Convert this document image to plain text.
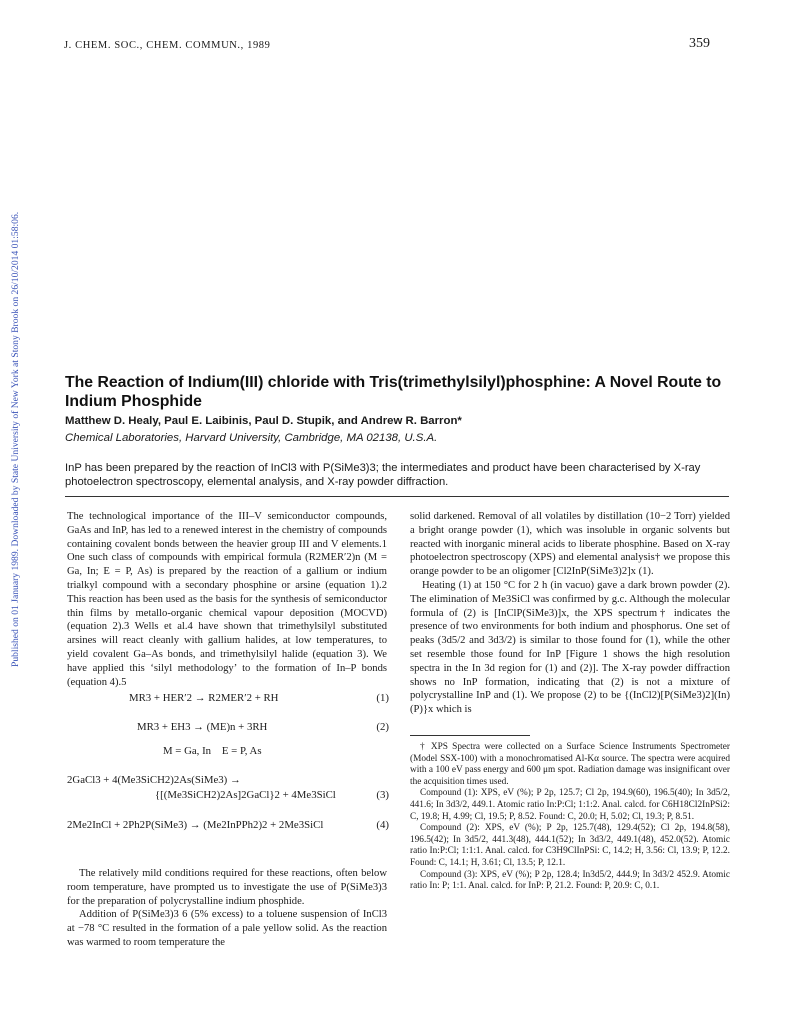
J. CHEM. SOC., CHEM. COMMUN., 1989	359
Published on 01 January 1989. Downloaded by State University of New York at Stony Brook on 26/10/2014 01:58:06.	The Reaction of Indium(III) chloride with Tris(trimethylsilyl)phosphine: A Novel Route to Indium Phosphide
Matthew D. Healy, Paul E. Laibinis, Paul D. Stupik, and Andrew R. Barron*
Chemical Laboratories, Harvard University, Cambridge, MA 02138, U.S.A.
InP has been prepared by the reaction of InCl3 with P(SiMe3)3; the intermediates and product have been characterised by X-ray photoelectron spectroscopy, elemental analysis, and X-ray powder diffraction.

The technological importance of the III–V semiconductor compounds, GaAs and InP, has led to a renewed interest in the chemistry of compounds containing covalent bonds between the heavier group III and V elements.1 One such class of compounds with empirical formula (R2MER′2)n (M = Ga, In; E = P, As) is prepared by the reaction of a gallium or indium trialkyl compound with a secondary phosphine or arsine (equation 1).2 This reaction has been used as the basis for the synthesis of semiconductor thin films by metallo-organic chemical vapour deposition (MOCVD) (equation 2).3 Wells et al.4 have shown that trimethylsilyl substituted arsines will react cleanly with gallium halides, at low temperatures, to yield covalent Ga–As bonds, and trimethylsilyl halide (equation 3). We have applied this ‘silyl methodology’ to the formation of In–P bonds (equation 4).5

MR3 + HER′2 → R2MER′2 + RH	(1)
MR3 + EH3 → (ME)n + 3RH	(2)
M = Ga, In    E = P, As
2GaCl3 + 4(Me3SiCH2)2As(SiMe3) →
{[(Me3SiCH2)2As]2GaCl}2 + 4Me3SiCl	(3)
2Me2InCl + 2Ph2P(SiMe3) → (Me2InPPh2)2 + 2Me3SiCl	(4)

The relatively mild conditions required for these reactions, often below room temperature, have prompted us to investigate the use of P(SiMe3)3 for the preparation of polycrystalline indium phosphide.

Addition of P(SiMe3)3 6 (5% excess) to a toluene suspension of InCl3 at −78 °C resulted in the formation of a pale yellow solid. As the reaction was warmed to room temperature the

solid darkened. Removal of all volatiles by distillation (10−2 Torr) yielded a bright orange powder (1), which was insoluble in organic solvents but reacted with inorganic mineral acids to liberate phosphine. Based on X-ray photoelectron spectroscopy (XPS) and elemental analysis† we propose this orange powder to be an oligomer [Cl2InP(SiMe3)2]x (1).

Heating (1) at 150 °C for 2 h (in vacuo) gave a dark brown powder (2). The elimination of Me3SiCl was confirmed by g.c. Although the molecular formula of (2) is [InClP(SiMe3)]x, the XPS spectrum† indicates the presence of two environments for both indium and phosphorus. One set of peaks (3d5/2 and 3d3/2) is similar to those found for (1), while the other set resemble those found for InP [Figure 1 shows the high resolution spectra in the In 3d region for (1) and (2)]. The X-ray powder diffraction shows no InP formation, indicating that (2) is not a mixture of polycrystalline InP and (1). We propose (2) to be {(InCl2)[P(SiMe3)2](In)(P)}x which is

† XPS Spectra were collected on a Surface Science Instruments Spectrometer (Model SSX-100) with a monochromatised Al-Kα source. The spectra were acquired with a 100 eV pass energy and 600 μm spot. Radiation damage was insignificant over the acquisition times used.

Compound (1): XPS, eV (%); P 2p, 125.7; Cl 2p, 194.9(60), 196.5(40); In 3d5/2, 441.6; In 3d3/2, 449.1. Atomic ratio In:P:Cl; 1:1:2. Anal. calcd. for C6H18Cl2InPSi2: C, 19.8; H, 4.99; Cl, 19.5; P, 8.52. Found: C, 20.0; H, 5.02; Cl, 19.3; P, 8.51.

Compound (2): XPS, eV (%); P 2p, 125.7(48), 129.4(52); Cl 2p, 194.8(58), 196.5(42); In 3d5/2, 441.3(48), 444.1(52); In 3d3/2, 449.1(48), 452.0(52). Atomic ratio In:P:Cl; 1:1:1. Anal. calcd. for C3H9ClInPSi: C, 14.2; H, 3.56: Cl, 13.9; P, 12.2. Found: C, 14.1; H, 3.61; Cl, 13.5; P, 12.1.

Compound (3): XPS, eV (%); P 2p, 128.4; In3d5/2, 444.9; In 3d3/2 452.9. Atomic ratio In: P; 1:1. Anal. calcd. for InP: P, 21.2. Found: P, 20.9: C, 0.1.
